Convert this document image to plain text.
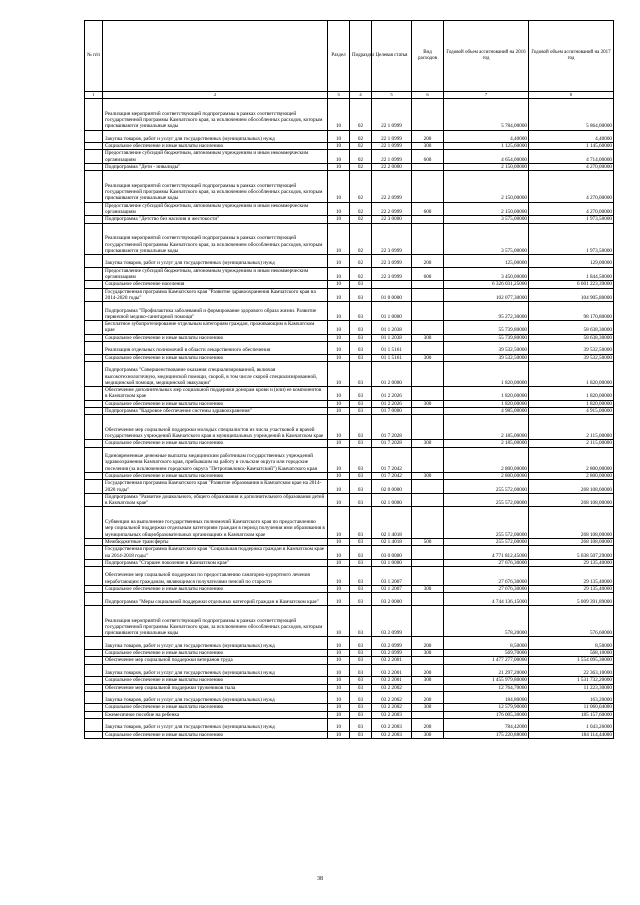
№ п/п		Раздел	Подраздел	Целевая статья	Вид расходов	Годовой объем ассигнований на 2016 год	Годовой объем ассигнований на 2017 год
1	2	3	4	5	6	7	8
	Реализация мероприятий соответствующей подпрограммы в рамках соответствующей государственной программы Камчатского края, за исключением обособленных расходов, которым присваиваются уникальные коды	10	02	22 1 0999		5 784,00000	5 864,00000
	Закупка товаров, работ и услуг для государственных (муниципальных) нужд	10	02	22 1 0999	200	4,40000	4,40000
	Социальное обеспечение и иные выплаты населению	10	02	22 1 0999	300	1 125,60000	1 145,60000
	Предоставление субсидий бюджетным, автономным учреждениям и иным некоммерческим организациям	10	02	22 1 0999	600	4 654,00000	4 714,00000
	Подпрограмма "Дети - инвалиды"	10	02	22 2 0000		2 150,00000	4 270,00000
	Реализация мероприятий соответствующей подпрограммы в рамках соответствующей государственной программы Камчатского края, за исключением обособленных расходов, которым присваиваются уникальные коды	10	02	22 2 0999		2 150,00000	4 270,00000
	Предоставление субсидий бюджетным, автономным учреждениям и иным некоммерческим организациям	10	02	22 2 0999	600	2 150,00000	4 270,00000
	Подпрограмма "Детство без насилия и жестокости"	10	02	22 3 0000		3 575,00000	1 973,50000
	Реализация мероприятий соответствующей подпрограммы в рамках соответствующей государственной программы Камчатского края, за исключением обособленных расходов, которым присваиваются уникальные коды	10	02	22 3 0999		3 575,00000	1 973,50000
	Закупка товаров, работ и услуг для государственных (муниципальных) нужд	10	02	22 3 0999	200	125,00000	129,00000
	Предоставление субсидий бюджетным, автономным учреждениям и иным некоммерческим организациям	10	02	22 3 0999	600	3 450,00000	1 844,50000
	Социальное обеспечение населения	10	03			6 326 031,25000	6 601 223,39000
	Государственная программа Камчатского края "Развитие здравоохранения Камчатского края на 2014-2020 годы"	10	03	01 0 0000		102 077,30000	104 905,80000
	Подпрограмма "Профилактика заболеваний и формирование здорового образа жизни. Развитие первичной медико-санитарной помощи"	10	03	01 1 0000		95 272,30000	98 170,80000
	Бесплатное зубопротезирование отдельным категориям граждан, проживающим в Камчатском крае	10	03	01 1 2038		55 739,80000	58 638,30000
	Социальное обеспечение и иные выплаты населению	10	03	01 1 2038	300	55 739,80000	58 638,30000
	Реализация отдельных полномочий в области лекарственного обеспечения	10	03	01 1 5161		39 532,50000	39 532,50000
	Социальное обеспечение и иные выплаты населению	10	03	01 1 5161	300	39 532,50000	39 532,50000
	Подпрограмма "Совершенствование оказания специализированной, включая высокотехнологичную, медицинской помощи, скорой, в том числе скорой специализированной, медицинской помощи, медицинской эвакуации"	10	03	01 2 0000		1 820,00000	1 820,00000
	Обеспечение дополнительных мер социальной поддержки донорам крови и (или) ее компонентов в Камчатском крае	10	03	01 2 2026		1 820,00000	1 820,00000
	Социальное обеспечение и иные выплаты населению	10	03	01 2 2026	300	1 820,00000	1 820,00000
	Подпрограмма "Кадровое обеспечение системы здравоохранения"	10	03	01 7 0000		4 985,00000	4 915,00000
	Обеспечение мер социальной поддержки молодых специалистов из числа участковой и врачей государственных учреждений Камчатского края и муниципальных учреждений в Камчатском крае	10	03	01 7 2028		2 185,00000	2 115,00000
	Социальное обеспечение и иные выплаты населению	10	03	01 7 2028	300	2 185,00000	2 115,00000
	Единовременные денежные выплаты медицинским работникам государственных учреждений здравоохранения Камчатского края, прибывшим на работу в сельские округа или городские поселения (за исключением городского округа "Петропавловск-Камчатский") Камчатского края	10	03	01 7 2042		2 800,00000	2 800,00000
	Социальное обеспечение и иные выплаты населению	10	03	01 7 2042	300	2 800,00000	2 800,00000
	Государственная программа Камчатского края "Развитие образования в Камчатском крае на 2014-2020 годы"	10	03	02 0 0000		255 572,00000	268 108,00000
	Подпрограмма "Развитие дошкольного, общего образования и дополнительного образования детей в Камчатском крае"	10	03	02 1 0000		255 572,00000	268 108,00000
	Субвенции на выполнение государственных полномочий Камчатского края по предоставлению мер социальной поддержки отдельным категориям граждан в период получения ими образования в муниципальных общеобразовательных организациях в Камчатском крае	10	03	02 1 4018		255 572,00000	268 108,00000
	Межбюджетные трансферты	10	03	02 1 4018	500	255 572,00000	268 108,00000
	Государственная программа Камчатского края "Социальная поддержка граждан в Камчатском крае на 2014-2018 годы"	10	03	03 0 0000		4 771 812,45000	5 038 507,29000
	Подпрограмма "Старшее поколение в Камчатском крае"	10	03	03 1 0000		27 676,30000	29 135,40000
	Обеспечение мер социальной поддержки по предоставлению санаторно-курортного лечения неработающим гражданам, являющимся получателями пенсий по старости	10	03	03 1 2007		27 676,30000	29 135,40000
	Социальное обеспечение и иные выплаты населению	10	03	03 1 2007	300	27 676,30000	29 135,40000
	Подпрограмма "Меры социальной поддержки отдельных категорий граждан в Камчатском крае"	10	03	03 2 0000		4 744 136,15000	5 009 391,89000
	Реализация мероприятий соответствующей подпрограммы в рамках соответствующей государственной программы Камчатского края, за исключением обособленных расходов, которым присваиваются уникальные коды	10	03	03 2 0999		578,20000	576,60000
	Закупка товаров, работ и услуг для государственных (муниципальных) нужд	10	03	03 2 0999	200	8,50000	8,50000
	Социальное обеспечение и иные выплаты населению	10	03	03 2 0999	300	569,70000	568,10000
	Обеспечение мер социальной поддержки ветеранов труда	10	03	03 2 2001		1 477 277,00000	1 554 095,30000
	Закупка товаров, работ и услуг для государственных (муниципальных) нужд	10	03	03 2 2001	200	21 297,20000	22 363,10000
	Социальное обеспечение и иные выплаты населению	10	03	03 2 2001	300	1 455 979,80000	1 531 732,20000
	Обеспечение мер социальной поддержки тружеников тыла	10	03	03 2 2002		12 764,70000	11 223,30000
	Закупка товаров, работ и услуг для государственных (муниципальных) нужд	10	03	03 2 2002	200	184,80000	163,20000
	Социальное обеспечение и иные выплаты населению	10	03	03 2 2002	300	12 579,90000	11 060,04000
	Ежемесячное пособие на ребенка	10	03	03 2 2003		176 005,30000	185 157,60000
	Закупка товаров, работ и услуг для государственных (муниципальных) нужд	10	03	03 2 2003	200	784,42000	1 043,26000
	Социальное обеспечение и иные выплаты населению	10	03	03 2 2003	300	175 220,88000	184 114,44000
38
